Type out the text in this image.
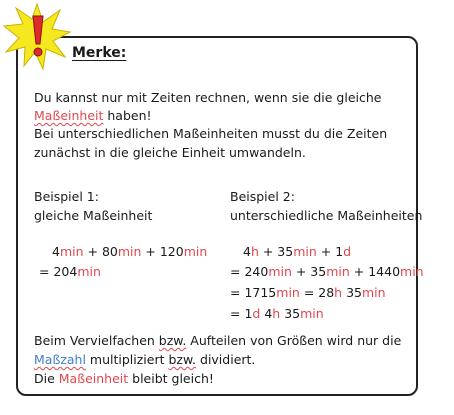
Merke:
Du kannst nur mit Zeiten rechnen, wenn sie die gleiche
Maßeinheit haben!
Bei unterschiedlichen Maßeinheiten musst du die Zeiten
zunächst in die gleiche Einheit umwandeln.
Beispiel 1:
gleiche Maßeinheit
4min + 80min + 120min
= 204min
Beispiel 2:
unterschiedliche Maßeinheiten
4h + 35min + 1d
= 240min + 35min + 1440min
= 1715min = 28h 35min
= 1d 4h 35min
Beim Vervielfachen bzw. Aufteilen von Größen wird nur die
Maßzahl multipliziert bzw. dividiert.
Die Maßeinheit bleibt gleich!
